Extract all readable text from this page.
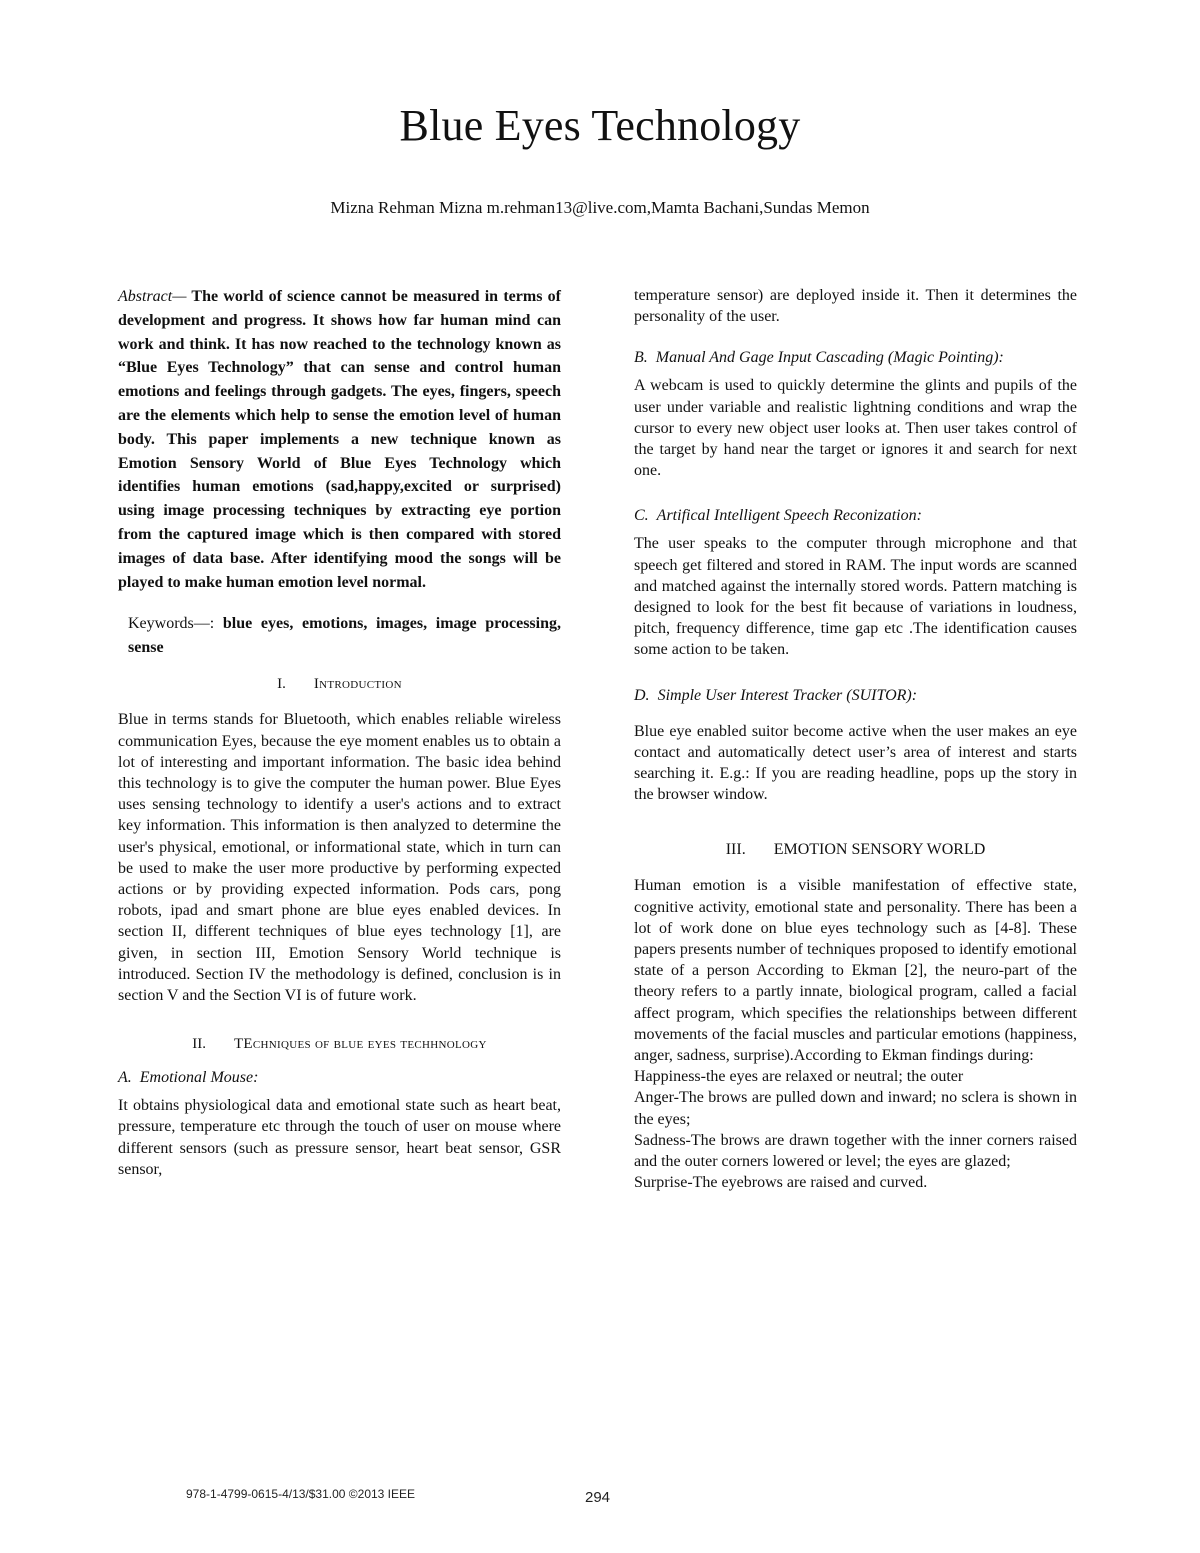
Blue Eyes Technology
Mizna Rehman Mizna m.rehman13@live.com,Mamta Bachani,Sundas Memon

Abstract— The world of science cannot be measured in terms of development and progress. It shows how far human mind can work and think. It has now reached to the technology known as “Blue Eyes Technology” that can sense and control human emotions and feelings through gadgets. The eyes, fingers, speech are the elements which help to sense the emotion level of human body. This paper implements a new technique known as Emotion Sensory World of Blue Eyes Technology which identifies human emotions (sad,happy,excited or surprised) using image processing techniques by extracting eye portion from the captured image which is then compared with stored images of data base. After identifying mood the songs will be played to make human emotion level normal.

Keywords—: blue eyes, emotions, images, image processing, sense

I. Introduction

Blue in terms stands for Bluetooth, which enables reliable wireless communication Eyes, because the eye moment enables us to obtain a lot of interesting and important information. The basic idea behind this technology is to give the computer the human power. Blue Eyes uses sensing technology to identify a user's actions and to extract key information. This information is then analyzed to determine the user's physical, emotional, or informational state, which in turn can be used to make the user more productive by performing expected actions or by providing expected information. Pods cars, pong robots, ipad and smart phone are blue eyes enabled devices. In section II, different techniques of blue eyes technology [1], are given, in section III, Emotion Sensory World technique is introduced. Section IV the methodology is defined, conclusion is in section V and the Section VI is of future work.

II. TEchniques of blue eyes techhnology
A. Emotional Mouse:

It obtains physiological data and emotional state such as heart beat, pressure, temperature etc through the touch of user on mouse where different sensors (such as pressure sensor, heart beat sensor, GSR sensor,

temperature sensor) are deployed inside it. Then it determines the personality of the user.

B. Manual And Gage Input Cascading (Magic Pointing):

A webcam is used to quickly determine the glints and pupils of the user under variable and realistic lightning conditions and wrap the cursor to every new object user looks at. Then user takes control of the target by hand near the target or ignores it and search for next one.

C. Artifical Intelligent Speech Reconization:

The user speaks to the computer through microphone and that speech get filtered and stored in RAM. The input words are scanned and matched against the internally stored words. Pattern matching is designed to look for the best fit because of variations in loudness, pitch, frequency difference, time gap etc .The identification causes some action to be taken.

D. Simple User Interest Tracker (SUITOR):

Blue eye enabled suitor become active when the user makes an eye contact and automatically detect user’s area of interest and starts searching it. E.g.: If you are reading headline, pops up the story in the browser window.

III. EMOTION SENSORY WORLD

Human emotion is a visible manifestation of effective state, cognitive activity, emotional state and personality. There has been a lot of work done on blue eyes technology such as [4-8]. These papers presents number of techniques proposed to identify emotional state of a person According to Ekman [2], the neuro-part of the theory refers to a partly innate, biological program, called a facial affect program, which specifies the relationships between different movements of the facial muscles and particular emotions (happiness, anger, sadness, surprise).According to Ekman findings during:

Happiness-the eyes are relaxed or neutral; the outer

Anger-The brows are pulled down and inward; no sclera is shown in the eyes;

Sadness-The brows are drawn together with the inner corners raised and the outer corners lowered or level; the eyes are glazed;

Surprise-The eyebrows are raised and curved.

978-1-4799-0615-4/13/$31.00 ©2013 IEEE	294
